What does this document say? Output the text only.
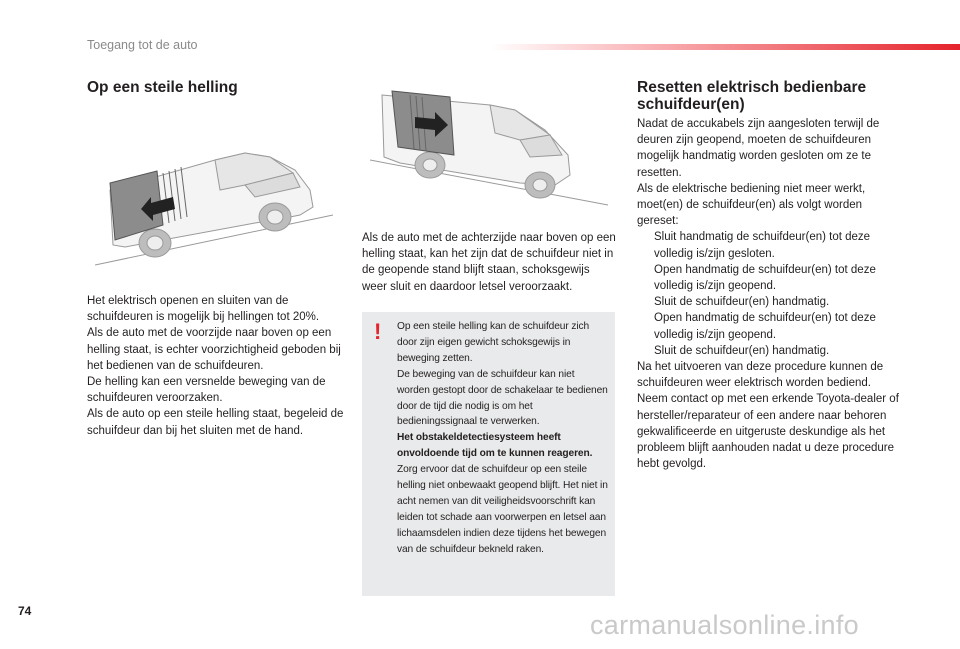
Toegang tot de auto
Op een steile helling

Het elektrisch openen en sluiten van de schuifdeuren is mogelijk bij hellingen tot 20%.

Als de auto met de voorzijde naar boven op een helling staat, is echter voorzichtigheid geboden bij het bedienen van de schuifdeuren.

De helling kan een versnelde beweging van de schuifdeuren veroorzaken.

Als de auto op een steile helling staat, begeleid de schuifdeur dan bij het sluiten met de hand.

Als de auto met de achterzijde naar boven op een helling staat, kan het zijn dat de schuifdeur niet in de geopende stand blijft staan, schoksgewijs weer sluit en daardoor letsel veroorzaakt.
!	Op een steile helling kan de schuifdeur zich door zijn eigen gewicht schoksgewijs in beweging zetten.

De beweging van de schuifdeur kan niet worden gestopt door de schakelaar te bedienen door de tijd die nodig is om het bedieningssignaal te verwerken.

Het obstakeldetectiesysteem heeft onvoldoende tijd om te kunnen reageren.

Zorg ervoor dat de schuifdeur op een steile helling niet onbewaakt geopend blijft. Het niet in acht nemen van dit veiligheidsvoorschrift kan leiden tot schade aan voorwerpen en letsel aan lichaamsdelen indien deze tijdens het bewegen van de schuifdeur bekneld raken.

Resetten elektrisch bedienbare
schuifdeur(en)

Nadat de accukabels zijn aangesloten terwijl de deuren zijn geopend, moeten de schuifdeuren mogelijk handmatig worden gesloten om ze te resetten.

Als de elektrische bediening niet meer werkt, moet(en) de schuifdeur(en) als volgt worden gereset:

Sluit handmatig de schuifdeur(en) tot deze volledig is/zijn gesloten.
Open handmatig de schuifdeur(en) tot deze volledig is/zijn geopend.
Sluit de schuifdeur(en) handmatig.
Open handmatig de schuifdeur(en) tot deze volledig is/zijn geopend.
Sluit de schuifdeur(en) handmatig.

Na het uitvoeren van deze procedure kunnen de schuifdeuren weer elektrisch worden bediend.

Neem contact op met een erkende Toyota-dealer of hersteller/reparateur of een andere naar behoren gekwalificeerde en uitgeruste deskundige als het probleem blijft aanhouden nadat u deze procedure hebt gevolgd.

74	carmanualsonline.info
